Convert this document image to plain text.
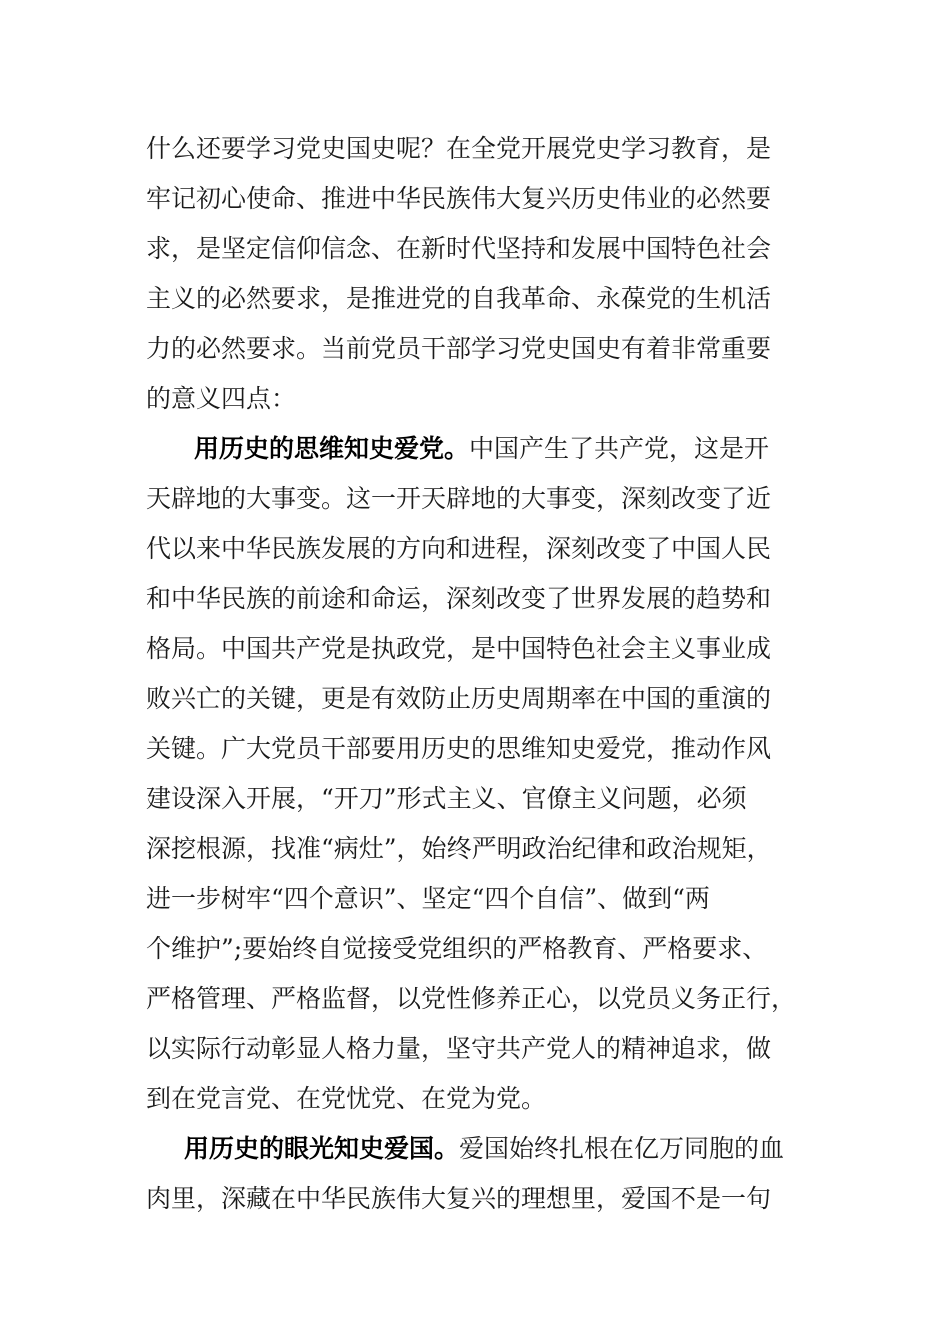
什么还要学习党史国史呢？在全党开展党史学习教育，是
牢记初心使命、推进中华民族伟大复兴历史伟业的必然要
求，是坚定信仰信念、在新时代坚持和发展中国特色社会
主义的必然要求，是推进党的自我革命、永葆党的生机活
力的必然要求。当前党员干部学习党史国史有着非常重要
的意义四点：
用历史的思维知史爱党。中国产生了共产党，这是开
天辟地的大事变。这一开天辟地的大事变，深刻改变了近
代以来中华民族发展的方向和进程，深刻改变了中国人民
和中华民族的前途和命运，深刻改变了世界发展的趋势和
格局。中国共产党是执政党，是中国特色社会主义事业成
败兴亡的关键，更是有效防止历史周期率在中国的重演的
关键。广大党员干部要用历史的思维知史爱党，推动作风
建设深入开展，“开刀”形式主义、官僚主义问题，必须
深挖根源，找准“病灶”，始终严明政治纪律和政治规矩，
进一步树牢“四个意识”、坚定“四个自信”、做到“两
个维护”;要始终自觉接受党组织的严格教育、严格要求、
严格管理、严格监督，以党性修养正心，以党员义务正行，
以实际行动彰显人格力量，坚守共产党人的精神追求，做
到在党言党、在党忧党、在党为党。
用历史的眼光知史爱国。爱国始终扎根在亿万同胞的血
肉里，深藏在中华民族伟大复兴的理想里，爱国不是一句
